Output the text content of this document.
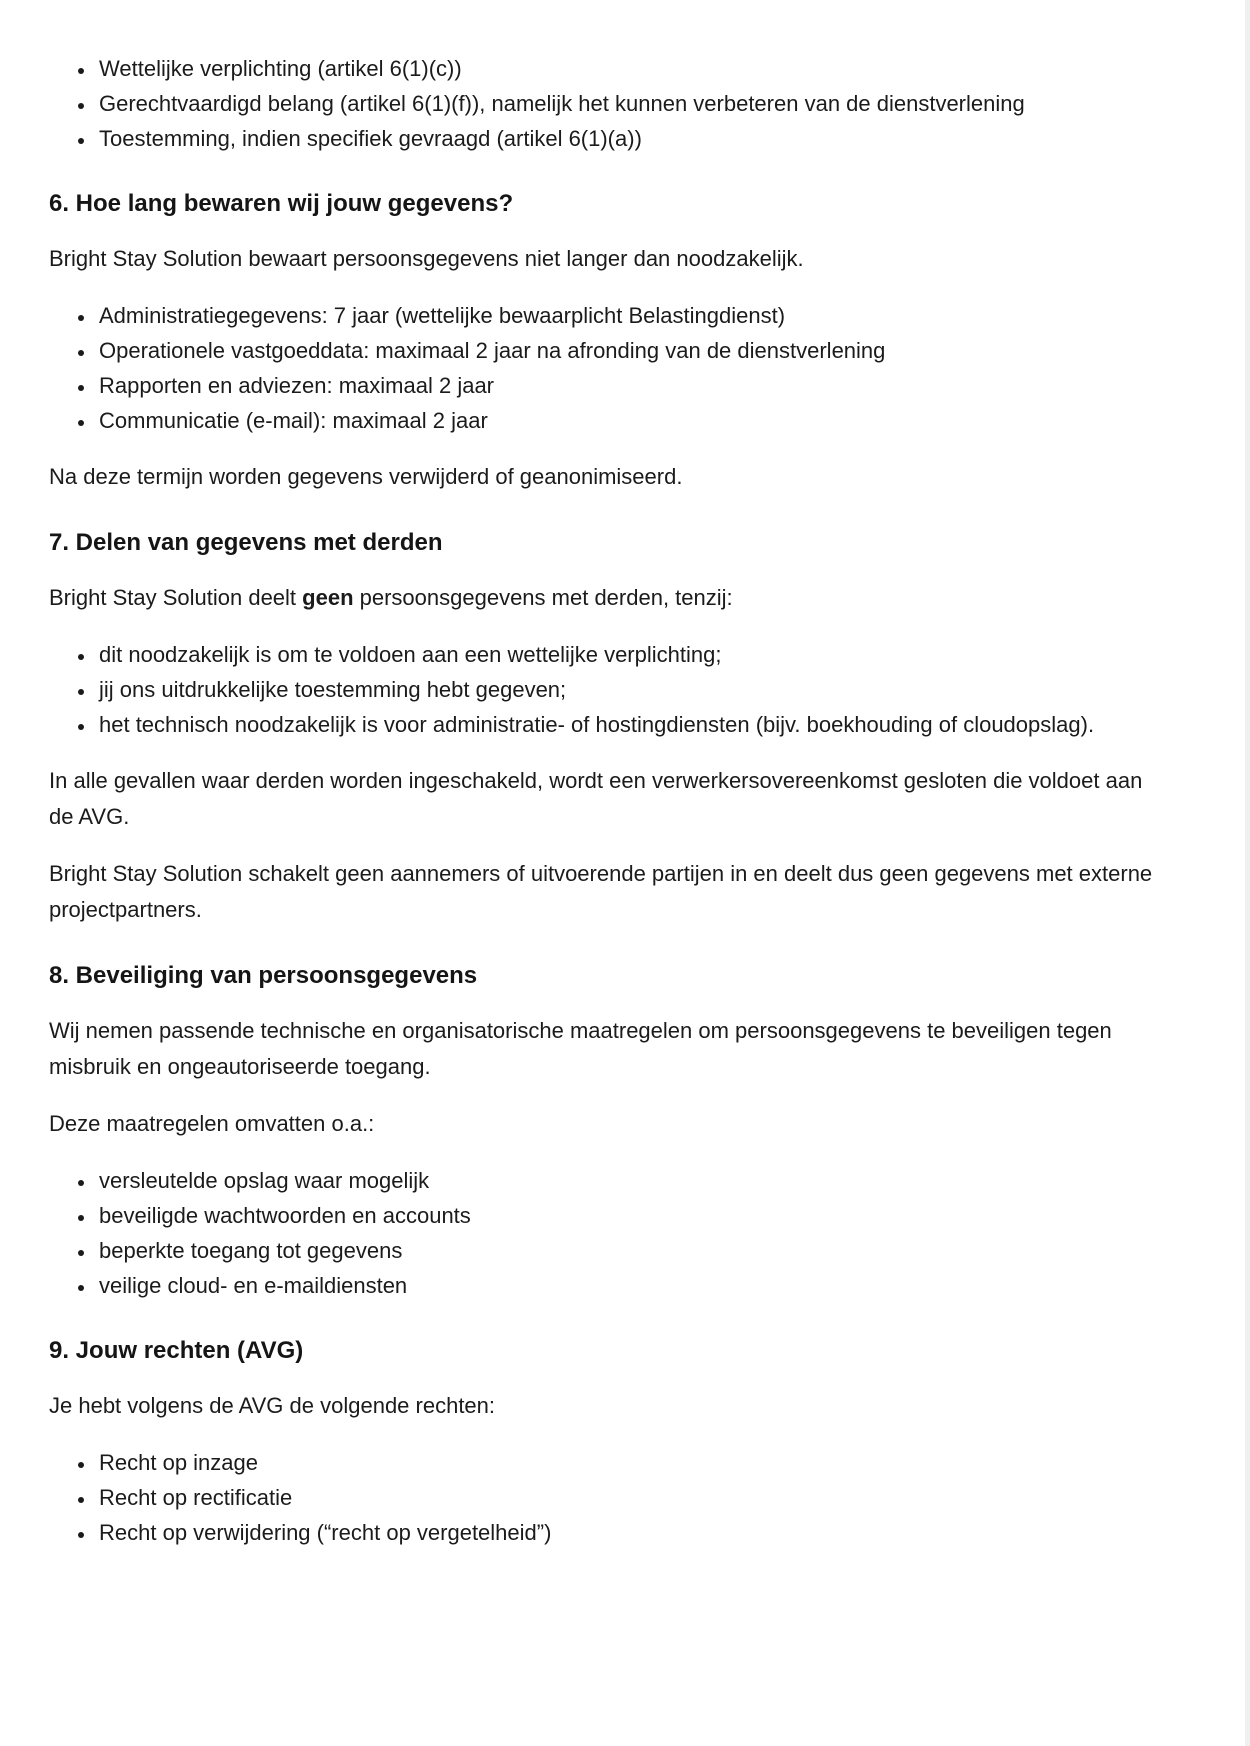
• Wettelijke verplichting (artikel 6(1)(c))
• Gerechtvaardigd belang (artikel 6(1)(f)), namelijk het kunnen verbeteren van de dienstverlening
• Toestemming, indien specifiek gevraagd (artikel 6(1)(a))
6. Hoe lang bewaren wij jouw gegevens?

Bright Stay Solution bewaart persoonsgegevens niet langer dan noodzakelijk.

• Administratiegegevens: 7 jaar (wettelijke bewaarplicht Belastingdienst)
• Operationele vastgoeddata: maximaal 2 jaar na afronding van de dienstverlening
• Rapporten en adviezen: maximaal 2 jaar
• Communicatie (e-mail): maximaal 2 jaar

Na deze termijn worden gegevens verwijderd of geanonimiseerd.

7. Delen van gegevens met derden

Bright Stay Solution deelt geen persoonsgegevens met derden, tenzij:

• dit noodzakelijk is om te voldoen aan een wettelijke verplichting;
• jij ons uitdrukkelijke toestemming hebt gegeven;
• het technisch noodzakelijk is voor administratie- of hostingdiensten (bijv. boekhouding of cloudopslag).

In alle gevallen waar derden worden ingeschakeld, wordt een verwerkersovereenkomst gesloten die voldoet aan de AVG.

Bright Stay Solution schakelt geen aannemers of uitvoerende partijen in en deelt dus geen gegevens met externe projectpartners.

8. Beveiliging van persoonsgegevens

Wij nemen passende technische en organisatorische maatregelen om persoonsgegevens te beveiligen tegen misbruik en ongeautoriseerde toegang.

Deze maatregelen omvatten o.a.:

• versleutelde opslag waar mogelijk
• beveiligde wachtwoorden en accounts
• beperkte toegang tot gegevens
• veilige cloud- en e-maildiensten
9. Jouw rechten (AVG)

Je hebt volgens de AVG de volgende rechten:

• Recht op inzage
• Recht op rectificatie
• Recht op verwijdering (“recht op vergetelheid”)
